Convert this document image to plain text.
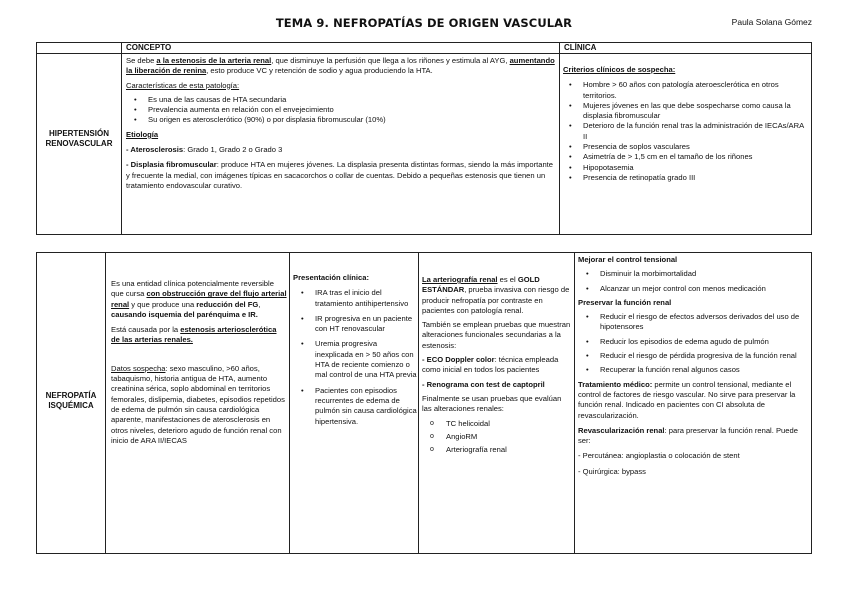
TEMA 9. NEFROPATÍAS DE ORIGEN VASCULAR	Paula Solana Gómez
CONCEPTO	CLÍNICA
HIPERTENSIÓN
RENOVASCULAR
Se debe a la estenosis de la arteria renal, que disminuye la perfusión que llega a los riñones y estimula al AYG, aumentando la liberación de renina, esto produce VC y retención de sodio y agua produciendo la HTA.
Características de esta patología:
• Es una de las causas de HTA secundaria
• Prevalencia aumenta en relación con el envejecimiento
• Su origen es aterosclerótico (90%) o por displasia fibromuscular (10%)
Etiología
- Aterosclerosis: Grado 1, Grado 2 o Grado 3
- Displasia fibromuscular: produce HTA en mujeres jóvenes. La displasia presenta distintas formas, siendo la más importante y frecuente la medial, con imágenes típicas en sacacorchos o collar de cuentas. Debido a pequeñas estenosis que tienen un tratamiento endovascular curativo.
Criterios clínicos de sospecha:
• Hombre > 60 años con patología ateroesclerótica en otros territorios.
• Mujeres jóvenes en las que debe sospecharse como causa la displasia fibromuscular
• Deterioro de la función renal tras la administración de IECAs/ARA II
• Presencia de soplos vasculares
• Asimetría de > 1,5 cm en el tamaño de los riñones
• Hipopotasemia
• Presencia de retinopatía grado III
NEFROPATÍA
ISQUÉMICA
Es una entidad clínica potencialmente reversible que cursa con obstrucción grave del flujo arterial renal y que produce una reducción del FG, causando isquemia del parénquima e IR.
Está causada por la estenosis arteriosclerótica de las arterias renales.
Datos sospecha: sexo masculino, >60 años, tabaquismo, historia antigua de HTA, aumento creatinina sérica, soplo abdominal en territorios femorales, dislipemia, diabetes, episodios repetidos de edema de pulmón sin causa cardiológica aparente, manifestaciones de aterosclerosis en otros niveles, deterioro agudo de función renal con inicio de ARA II/IECAS
Presentación clínica:
• IRA tras el inicio del tratamiento antihipertensivo
• IR progresiva en un paciente con HT renovascular
• Uremia progresiva inexplicada en > 50 años con HTA de reciente comienzo o mal control de una HTA previa
• Pacientes con episodios recurrentes de edema de pulmón sin causa cardiológica hipertensiva.
La arteriografía renal es el GOLD ESTÁNDAR, prueba invasiva con riesgo de producir nefropatía por contraste en pacientes con patología renal.
También se emplean pruebas que muestran alteraciones funcionales secundarias a la estenosis:
- ECO Doppler color: técnica empleada como inicial en todos los pacientes
- Renograma con test de captopril
Finalmente se usan pruebas que evalúan las alteraciones renales:
o TC helicoidal
o AngioRM
o Arteriografía renal
Mejorar el control tensional
• Disminuir la morbimortalidad
• Alcanzar un mejor control con menos medicación
Preservar la función renal
• Reducir el riesgo de efectos adversos derivados del uso de hipotensores
• Reducir los episodios de edema agudo de pulmón
• Reducir el riesgo de pérdida progresiva de la función renal
• Recuperar la función renal algunos casos
Tratamiento médico: permite un control tensional, mediante el control de factores de riesgo vascular. No sirve para preservar la función renal. Indicado en pacientes con CI absoluta de revascularización.
Revascularización renal: para preservar la función renal. Puede ser:
- Percutánea: angioplastia o colocación de stent
- Quirúrgica: bypass
